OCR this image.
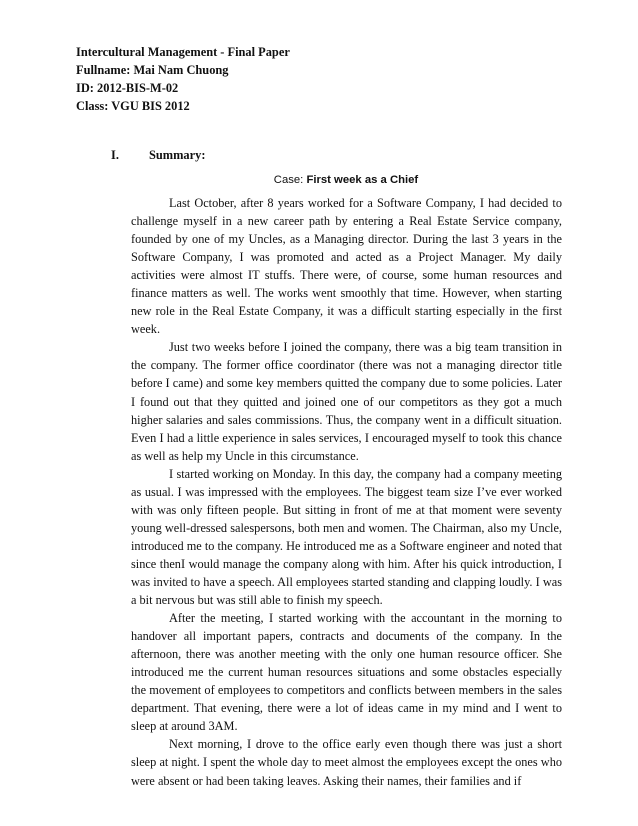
Intercultural Management - Final Paper
Fullname: Mai Nam Chuong
ID: 2012-BIS-M-02
Class: VGU BIS 2012
I. Summary:
Case: First week as a Chief

Last October, after 8 years worked for a Software Company, I had decided to challenge myself in a new career path by entering a Real Estate Service company, founded by one of my Uncles, as a Managing director. During the last 3 years in the Software Company, I was promoted and acted as a Project Manager. My daily activities were almost IT stuffs. There were, of course, some human resources and finance matters as well. The works went smoothly that time. However, when starting new role in the Real Estate Company, it was a difficult starting especially in the first week.

Just two weeks before I joined the company, there was a big team transition in the company. The former office coordinator (there was not a managing director title before I came) and some key members quitted the company due to some policies. Later I found out that they quitted and joined one of our competitors as they got a much higher salaries and sales commissions. Thus, the company went in a difficult situation. Even I had a little experience in sales services, I encouraged myself to took this chance as well as help my Uncle in this circumstance.

I started working on Monday. In this day, the company had a company meeting as usual. I was impressed with the employees. The biggest team size I’ve ever worked with was only fifteen people. But sitting in front of me at that moment were seventy young well-dressed salespersons, both men and women. The Chairman, also my Uncle, introduced me to the company. He introduced me as a Software engineer and noted that since thenI would manage the company along with him. After his quick introduction, I was invited to have a speech. All employees started standing and clapping loudly. I was a bit nervous but was still able to finish my speech.

After the meeting, I started working with the accountant in the morning to handover all important papers, contracts and documents of the company. In the afternoon, there was another meeting with the only one human resource officer. She introduced me the current human resources situations and some obstacles especially the movement of employees to competitors and conflicts between members in the sales department. That evening, there were a lot of ideas came in my mind and I went to sleep at around 3AM.

Next morning, I drove to the office early even though there was just a short sleep at night. I spent the whole day to meet almost the employees except the ones who were absent or had been taking leaves. Asking their names, their families and if
